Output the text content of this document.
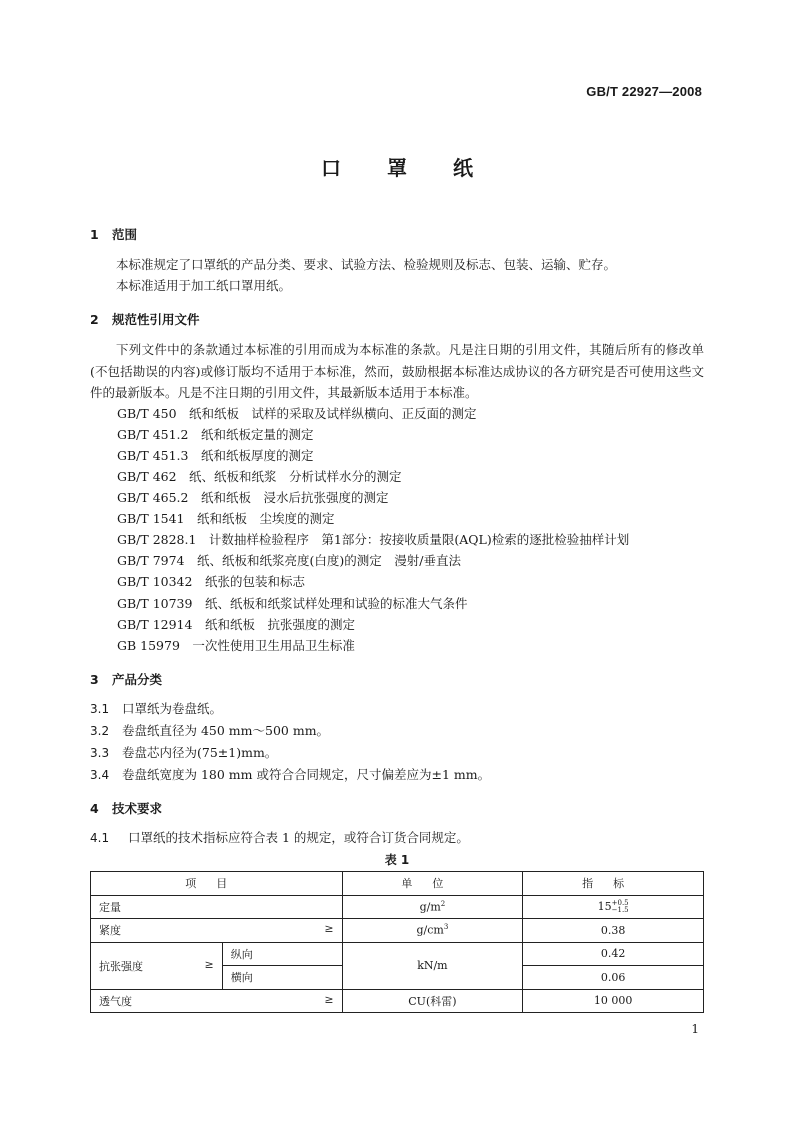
GB/T 22927—2008
口罩纸
1 范围
本标准规定了口罩纸的产品分类、要求、试验方法、检验规则及标志、包装、运输、贮存。
本标准适用于加工纸口罩用纸。
2 规范性引用文件
下列文件中的条款通过本标准的引用而成为本标准的条款。凡是注日期的引用文件，其随后所有的修改单(不包括勘误的内容)或修订版均不适用于本标准，然而，鼓励根据本标准达成协议的各方研究是否可使用这些文件的最新版本。凡是不注日期的引用文件，其最新版本适用于本标准。
GB/T 450　纸和纸板　试样的采取及试样纵横向、正反面的测定
GB/T 451.2　纸和纸板定量的测定
GB/T 451.3　纸和纸板厚度的测定
GB/T 462　纸、纸板和纸浆　分析试样水分的测定
GB/T 465.2　纸和纸板　浸水后抗张强度的测定
GB/T 1541　纸和纸板　尘埃度的测定
GB/T 2828.1　计数抽样检验程序　第1部分：按接收质量限(AQL)检索的逐批检验抽样计划
GB/T 7974　纸、纸板和纸浆亮度(白度)的测定　漫射/垂直法
GB/T 10342　纸张的包装和标志
GB/T 10739　纸、纸板和纸浆试样处理和试验的标准大气条件
GB/T 12914　纸和纸板　抗张强度的测定
GB 15979　一次性使用卫生用品卫生标准
3 产品分类
3.1 口罩纸为卷盘纸。
3.2 卷盘纸直径为 450 mm～500 mm。
3.3 卷盘芯内径为(75±1)mm。
3.4 卷盘纸宽度为 180 mm 或符合合同规定，尺寸偏差应为±1 mm。
4 技术要求
4.1 口罩纸的技术指标应符合表 1 的规定，或符合订货合同规定。
表 1
项目		单位	指标
定量		$g/m^2$	15+0.5
−1.5
紧度 ≥		$g/cm^3$	0.38
抗张强度 ≥	纵向	kN/m	0.42
	横向		0.06
透气度 ≥		CU(科雷)	10 000
1
